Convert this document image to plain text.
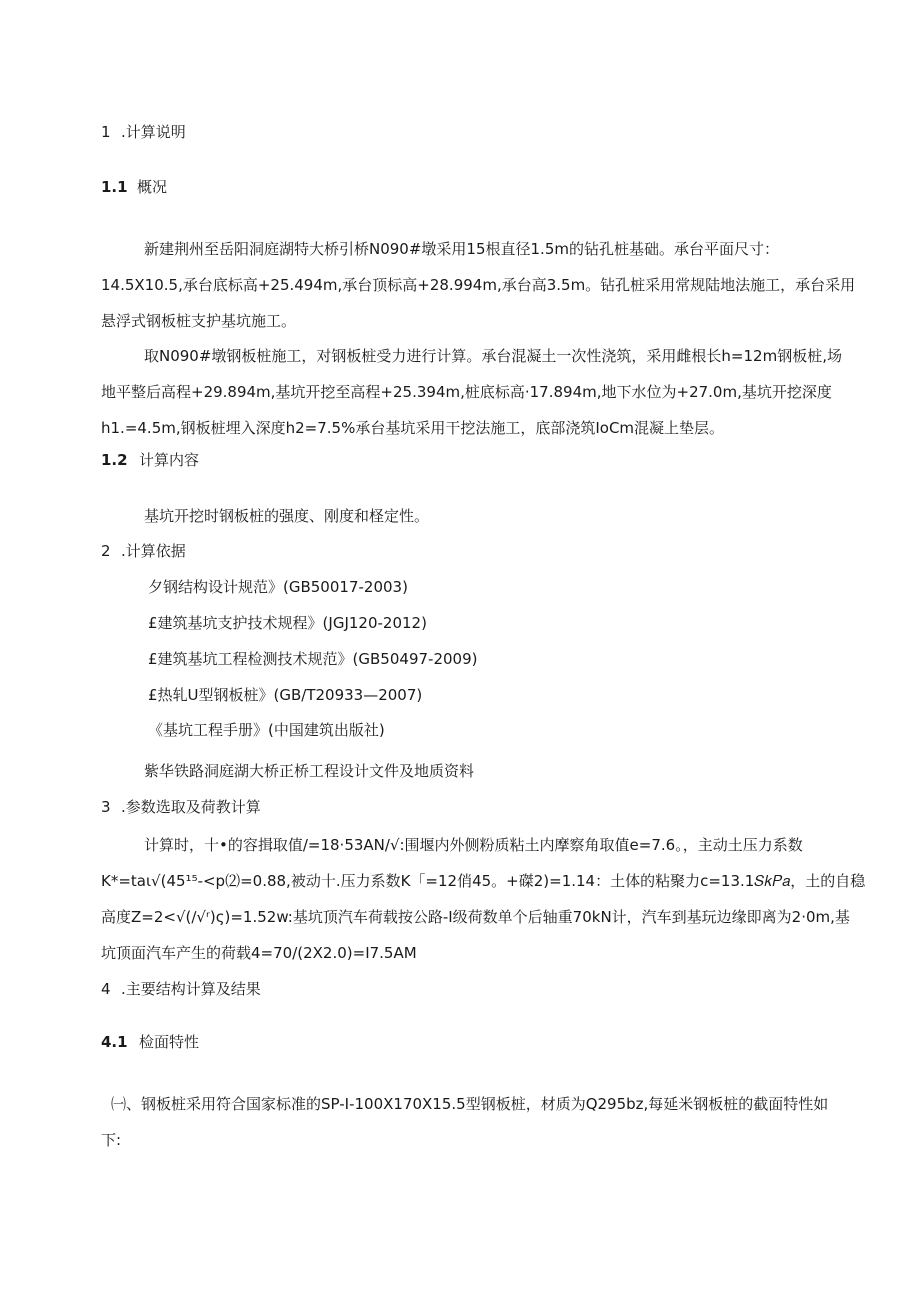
1 .计算说明
1.1 概况
新建荆州至岳阳洞庭湖特大桥引桥N090#墩采用15根直径1.5m的钻孔桩基础。承台平面尺寸：
14.5X10.5,承台底标高+25.494m,承台顶标高+28.994m,承台高3.5m。钻孔桩采用常规陆地法施工，承台采用
悬浮式钢板桩支护基坑施工。
取N090#墩钢板桩施工，对钢板桩受力进行计算。承台混凝土一次性浇筑，采用雌根长h=12m钢板桩,场
地平整后高程+29.894m,基坑开挖至高程+25.394m,桩底标高·17.894m,地下水位为+27.0m,基坑开挖深度
h1.=4.5m,钢板桩埋入深度h2=7.5%承台基坑采用干挖法施工，底部浇筑IoCm混凝上垫层。
1.2 计算内容
基坑开挖时钢板桩的强度、刚度和柽定性。
2 .计算依据
夕钢结构设计规范》(GB50017-2003)
£建筑基坑支护技术规程》(JGJ120-2012)
£建筑基坑工程检测技术规范》(GB50497-2009)
£热轧U型钢板桩》(GB/T20933—2007)
《基坑工程手册》(中国建筑出版社)
紫华铁路洞庭湖大桥正桥工程设计文件及地质资料
3 .参数选取及荷教计算
计算时，十•的容揖取值/=18·53AN/√:围堰内外侧粉质粘土内摩察角取值e=7.6。，主动土压力系数
K*=taι√(45¹⁵-<p⑵=0.88,被动十.压力系数K「=12俏45。+磔2)=1.14：土体的粘聚力c=13.1𝑆𝑘𝑃𝑎，土的自稳
高度Z=2<√(∕√ʳ)ς)=1.52w:基坑顶汽车荷载按公路-I级荷数单个后轴重70kN计，汽车到基玩边缘即离为2·0m,基
坑顶面汽车产生的荷载4=70/(2X2.0)=I7.5AM
4 .主要结构计算及结果
4.1 检面特性
㈠、钢板桩采用符合国家标准的SP-I-100X170X15.5型钢板桩，材质为Q295bz,每延米钢板桩的截面特性如
下:
